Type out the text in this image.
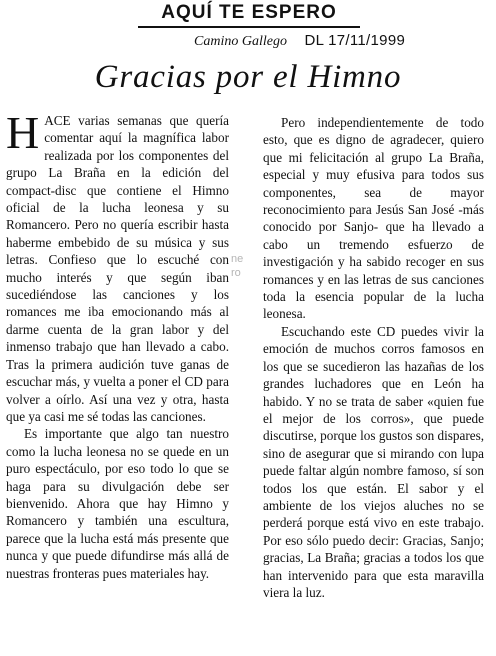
AQUÍ TE ESPERO
Camino Gallego DL 17/11/1999
Gracias por el Himno

HACE varias semanas que quería comentar aquí la magnífica labor realizada por los componentes del grupo La Braña en la edición del compact-disc que contiene el Himno oficial de la lucha leonesa y su Romancero. Pero no quería escribir hasta haberme embebido de su música y sus letras. Confieso que lo escuché con mucho interés y que según iban sucediéndose las canciones y los romances me iba emocionando más al darme cuenta de la gran labor y del inmenso trabajo que han llevado a cabo. Tras la primera audición tuve ganas de escuchar más, y vuelta a poner el CD para volver a oírlo. Así una vez y otra, hasta que ya casi me sé todas las canciones.

Es importante que algo tan nuestro como la lucha leonesa no se quede en un puro espectáculo, por eso todo lo que se haga para su divulgación debe ser bienvenido. Ahora que hay Himno y Romancero y también una escultura, parece que la lucha está más presente que nunca y que puede difundirse más allá de nuestras fronteras pues materiales hay.

ne
ro

Pero independientemente de todo esto, que es digno de agradecer, quiero que mi felicitación al grupo La Braña, especial y muy efusiva para todos sus componentes, sea de mayor reconocimiento para Jesús San José -más conocido por Sanjo- que ha llevado a cabo un tremendo esfuerzo de investigación y ha sabido recoger en sus romances y en las letras de sus canciones toda la esencia popular de la lucha leonesa.

Escuchando este CD puedes vivir la emoción de muchos corros famosos en los que se sucedieron las hazañas de los grandes luchadores que en León ha habido. Y no se trata de saber «quien fue el mejor de los corros», que puede discutirse, porque los gustos son dispares, sino de asegurar que si mirando con lupa puede faltar algún nombre famoso, sí son todos los que están. El sabor y el ambiente de los viejos aluches no se perderá porque está vivo en este trabajo. Por eso sólo puedo decir: Gracias, Sanjo; gracias, La Braña; gracias a todos los que han intervenido para que esta maravilla viera la luz.
